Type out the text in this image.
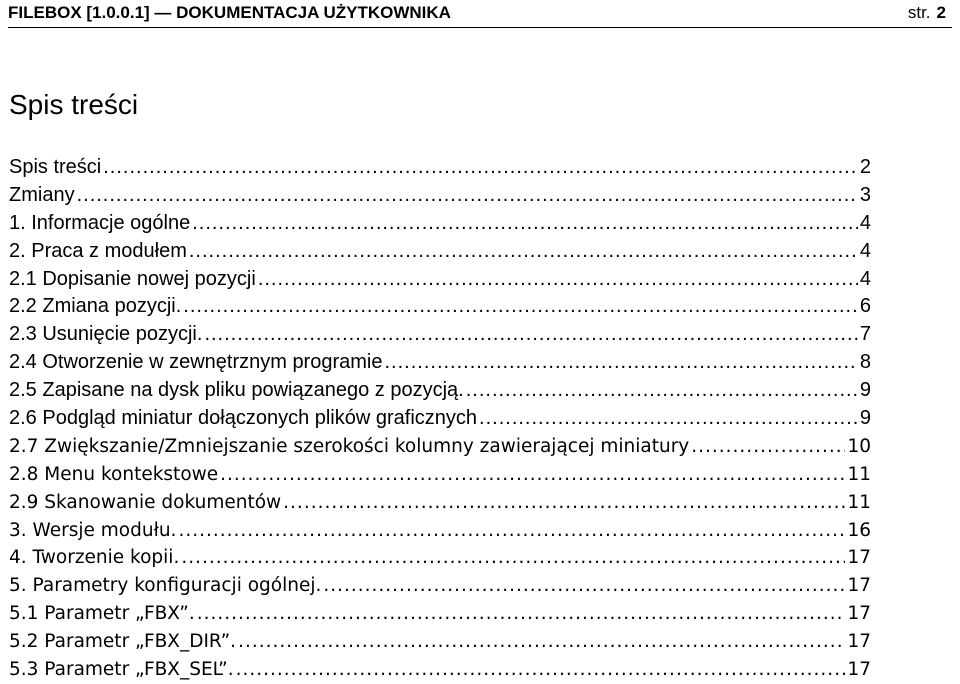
FILEBOX [1.0.0.1] — DOKUMENTACJA UŻYTKOWNIKA	str. 2
Spis treści
Spis treści .....	2
Zmiany .....	3
1. Informacje ogólne .....	4
2. Praca z modułem .....	4
2.1 Dopisanie nowej pozycji .....	4
2.2 Zmiana pozycji. .....	6
2.3 Usunięcie pozycji. .....	7
2.4 Otworzenie w zewnętrznym programie .....	8
2.5 Zapisane na dysk pliku powiązanego z pozycją. .....	9
2.6 Podgląd miniatur dołączonych plików graficznych .....	9
2.7 Zwiększanie/Zmniejszanie szerokości kolumny zawierającej miniatury .....	10
2.8 Menu kontekstowe .....	11
2.9 Skanowanie dokumentów .....	11
3. Wersje modułu. .....	16
4. Tworzenie kopii. .....	17
5. Parametry konfiguracji ogólnej. .....	17
5.1 Parametr „FBX”. .....	17
5.2 Parametr „FBX_DIR”. .....	17
5.3 Parametr „FBX_SEL”. .....	17
